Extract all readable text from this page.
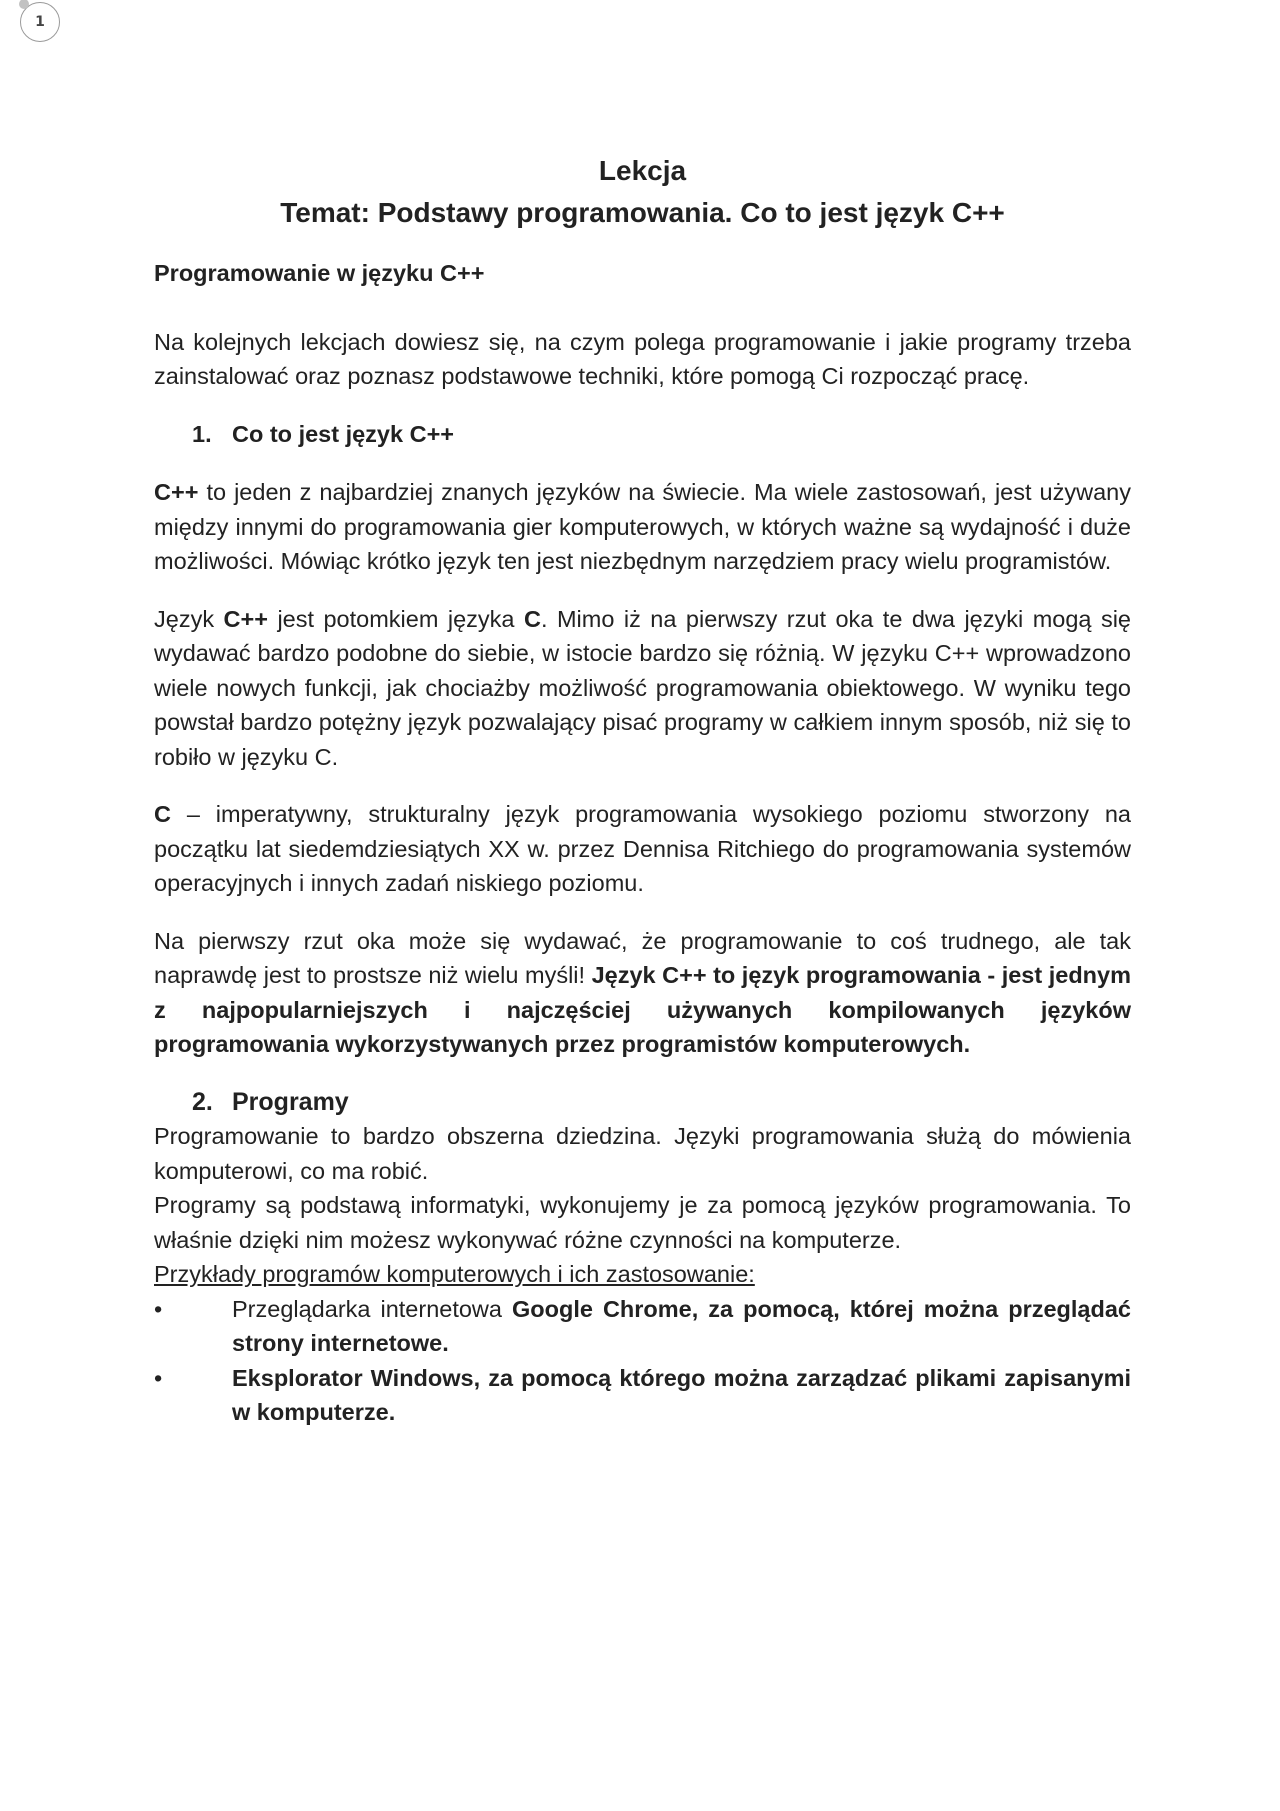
1

Lekcja

Temat: Podstawy programowania. Co to jest język C++

Programowanie w języku C++

Na kolejnych lekcjach dowiesz się, na czym polega programowanie i jakie programy trzeba zainstalować oraz poznasz podstawowe techniki, które pomogą Ci rozpocząć pracę.

1. Co to jest język C++

C++ to jeden z najbardziej znanych języków na świecie. Ma wiele zastosowań, jest używany między innymi do programowania gier komputerowych, w których ważne są wydajność i duże możliwości. Mówiąc krótko język ten jest niezbędnym narzędziem pracy wielu programistów.

Język C++ jest potomkiem języka C. Mimo iż na pierwszy rzut oka te dwa języki mogą się wydawać bardzo podobne do siebie, w istocie bardzo się różnią. W języku C++ wprowadzono wiele nowych funkcji, jak chociażby możliwość programowania obiektowego. W wyniku tego powstał bardzo potężny język pozwalający pisać programy w całkiem innym sposób, niż się to robiło w języku C.

C – imperatywny, strukturalny język programowania wysokiego poziomu stworzony na początku lat siedemdziesiątych XX w. przez Dennisa Ritchiego do programowania systemów operacyjnych i innych zadań niskiego poziomu.

Na pierwszy rzut oka może się wydawać, że programowanie to coś trudnego, ale tak naprawdę jest to prostsze niż wielu myśli! Język C++ to język programowania - jest jednym z najpopularniejszych i najczęściej używanych kompilowanych języków programowania wykorzystywanych przez programistów komputerowych.

2. Programy

Programowanie to bardzo obszerna dziedzina. Języki programowania służą do mówienia komputerowi, co ma robić.

Programy są podstawą informatyki, wykonujemy je za pomocą języków programowania. To właśnie dzięki nim możesz wykonywać różne czynności na komputerze.

Przykłady programów komputerowych i ich zastosowanie:

•	Przeglądarka internetowa Google Chrome, za pomocą, której można przeglądać strony internetowe.
•	Eksplorator Windows, za pomocą którego można zarządzać plikami zapisanymi w komputerze.
